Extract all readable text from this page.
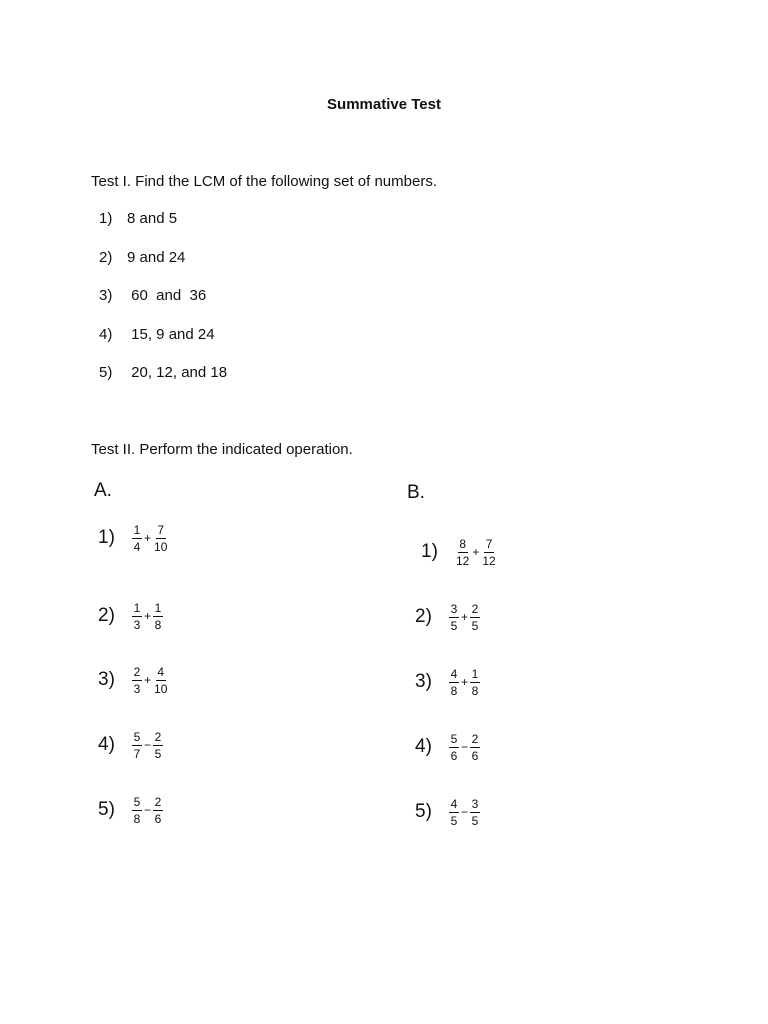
Summative Test
Test I. Find the LCM of the following set of numbers.
1) 8 and 5
2) 9 and 24
3) 60  and  36
4) 15, 9 and 24
5) 20, 12, and 18
Test II. Perform the indicated operation.
A.	B.
1)	$\frac{1}{4} + \frac{7}{10}$
2)	$\frac{1}{3} + \frac{1}{8}$
3)	$\frac{2}{3} + \frac{4}{10}$
4)	$\frac{5}{7} - \frac{2}{5}$
5)	$\frac{5}{8} - \frac{2}{6}$
1)	$\frac{8}{12} + \frac{7}{12}$
2)	$\frac{3}{5} + \frac{2}{5}$
3)	$\frac{4}{8} + \frac{1}{8}$
4)	$\frac{5}{6} - \frac{2}{6}$
5)	$\frac{4}{5} - \frac{3}{5}$
